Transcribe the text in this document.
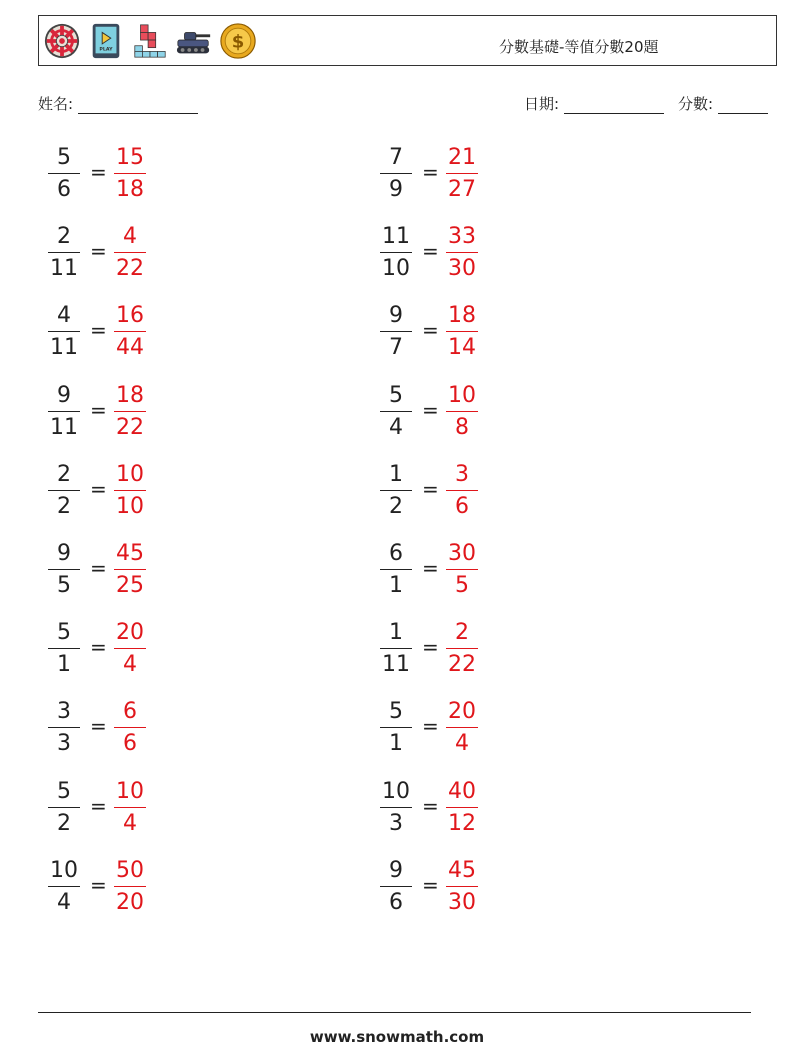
PLAY	$	分數基礎-等值分數20題
姓名:	日期:	分數:
5
6
=
15
18
2
11
=
4
22
4
11
=
16
44
9
11
=
18
22
2
2
=
10
10
9
5
=
45
25
5
1
=
20
4
3
3
=
6
6
5
2
=
10
4
10
4
=
50
20
7
9
=
21
27
11
10
=
33
30
9
7
=
18
14
5
4
=
10
8
1
2
=
3
6
6
1
=
30
5
1
11
=
2
22
5
1
=
20
4
10
3
=
40
12
9
6
=
45
30
www.snowmath.com
